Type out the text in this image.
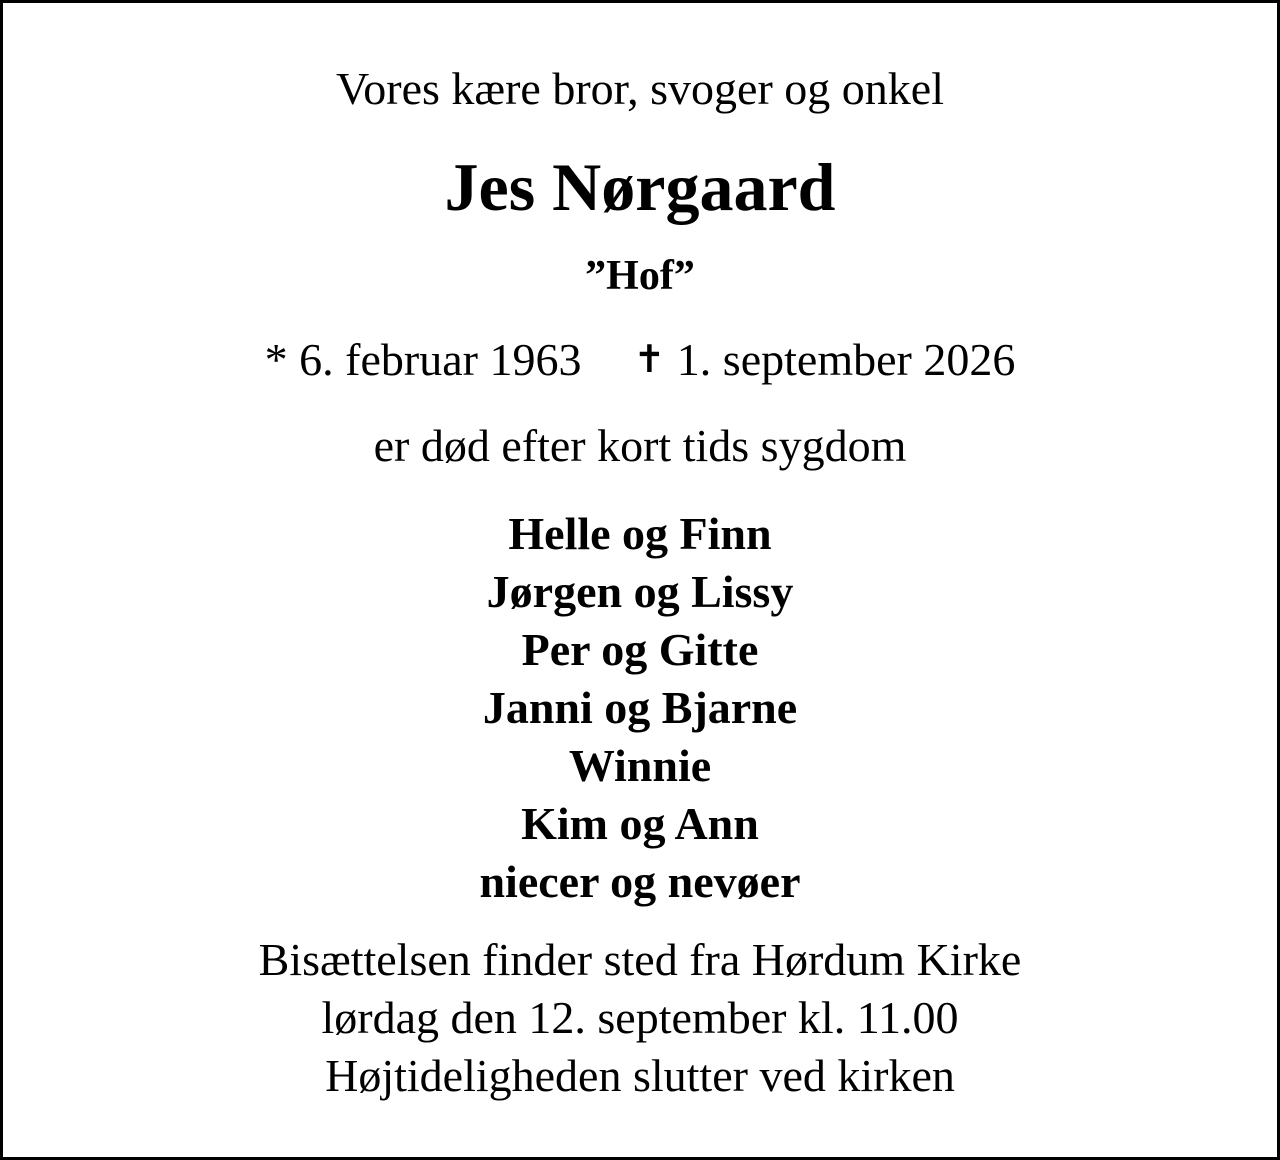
Vores kære bror, svoger og onkel
Jes Nørgaard
”Hof”
* 6. februar 1963 ✝ 1. september 2026
er død efter kort tids sygdom
Helle og Finn
Jørgen og Lissy
Per og Gitte
Janni og Bjarne
Winnie
Kim og Ann
niecer og nevøer
Bisættelsen finder sted fra Hørdum Kirke
lørdag den 12. september kl. 11.00
Højtideligheden slutter ved kirken
